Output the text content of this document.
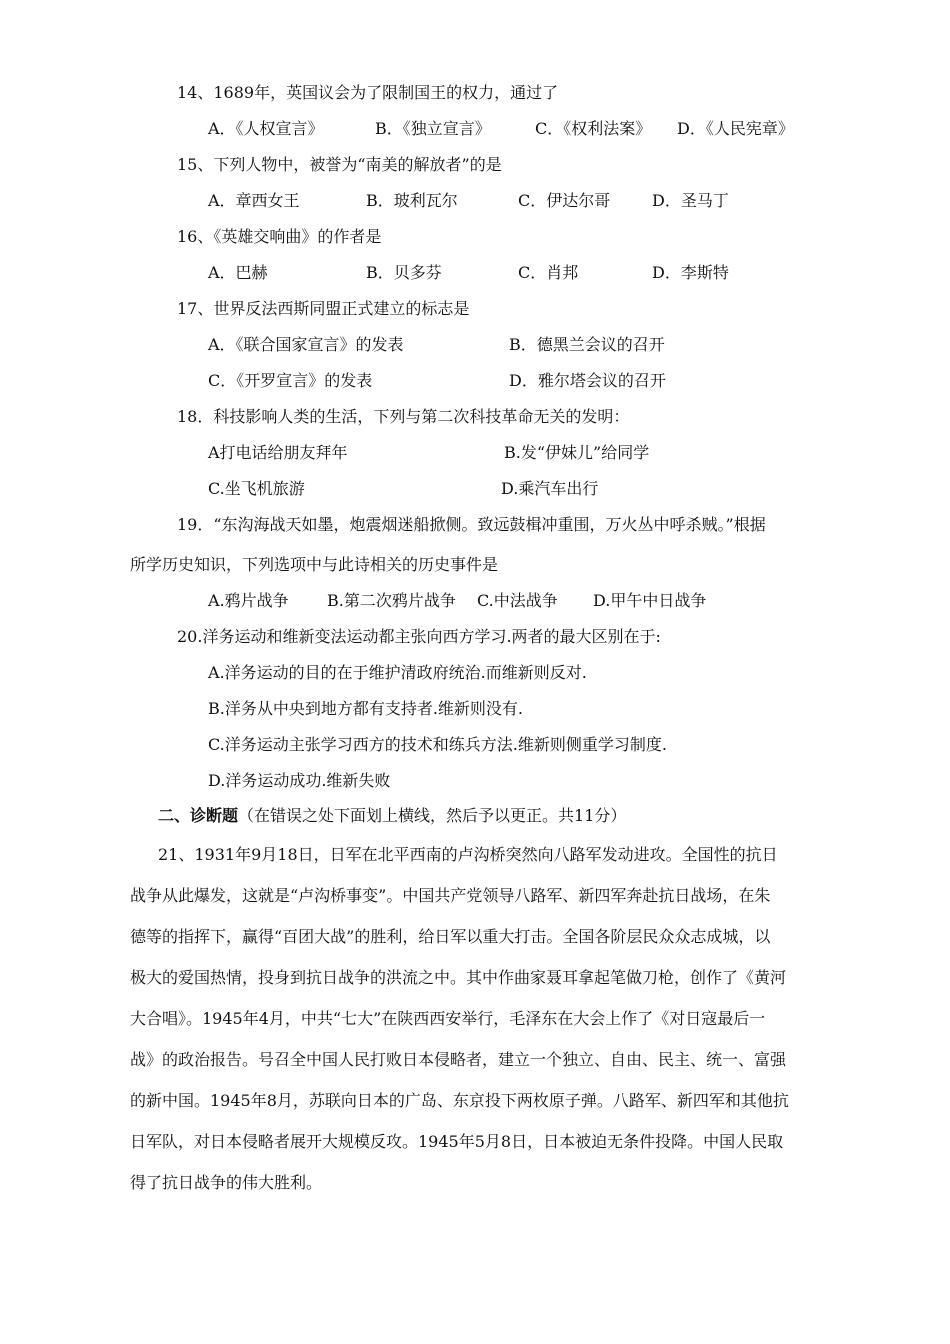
14、1689年，英国议会为了限制国王的权力，通过了
A．《人权宣言》	B．《独立宣言》	C．《权利法案》 D．《人民宪章》
15、下列人物中，被誉为“南美的解放者”的是
A．章西女王	B．玻利瓦尔	C．伊达尔哥	D．圣马丁
16、《英雄交响曲》的作者是
A．巴赫	B．贝多芬	C．肖邦	D．李斯特
17、世界反法西斯同盟正式建立的标志是
A．《联合国家宣言》的发表	B．德黑兰会议的召开
C．《开罗宣言》的发表	D．雅尔塔会议的召开
18．科技影响人类的生活，下列与第二次科技革命无关的发明：
A打电话给朋友拜年	B.发“伊妹儿”给同学
C.坐飞机旅游	D.乘汽车出行
19．“东沟海战天如墨，炮震烟迷船掀侧。致远鼓楫冲重围，万火丛中呼杀贼。”根据
所学历史知识，下列选项中与此诗相关的历史事件是
A.鸦片战争 B.第二次鸦片战争 C.中法战争 D.甲午中日战争
20.洋务运动和维新变法运动都主张向西方学习.两者的最大区别在于:
A.洋务运动的目的在于维护清政府统治.而维新则反对.
B.洋务从中央到地方都有支持者.维新则没有.
C.洋务运动主张学习西方的技术和练兵方法.维新则侧重学习制度.
D.洋务运动成功.维新失败
二、诊断题（在错误之处下面划上横线，然后予以更正。共11分）
21、1931年9月18日，日军在北平西南的卢沟桥突然向八路军发动进攻。全国性的抗日
战争从此爆发，这就是“卢沟桥事变”。中国共产党领导八路军、新四军奔赴抗日战场，在朱
德等的指挥下，赢得“百团大战”的胜利，给日军以重大打击。全国各阶层民众众志成城，以
极大的爱国热情，投身到抗日战争的洪流之中。其中作曲家聂耳拿起笔做刀枪，创作了《黄河
大合唱》。1945年4月，中共“七大”在陕西西安举行，毛泽东在大会上作了《对日寇最后一
战》的政治报告。号召全中国人民打败日本侵略者，建立一个独立、自由、民主、统一、富强
的新中国。1945年8月，苏联向日本的广岛、东京投下两枚原子弹。八路军、新四军和其他抗
日军队，对日本侵略者展开大规模反攻。1945年5月8日，日本被迫无条件投降。中国人民取
得了抗日战争的伟大胜利。
